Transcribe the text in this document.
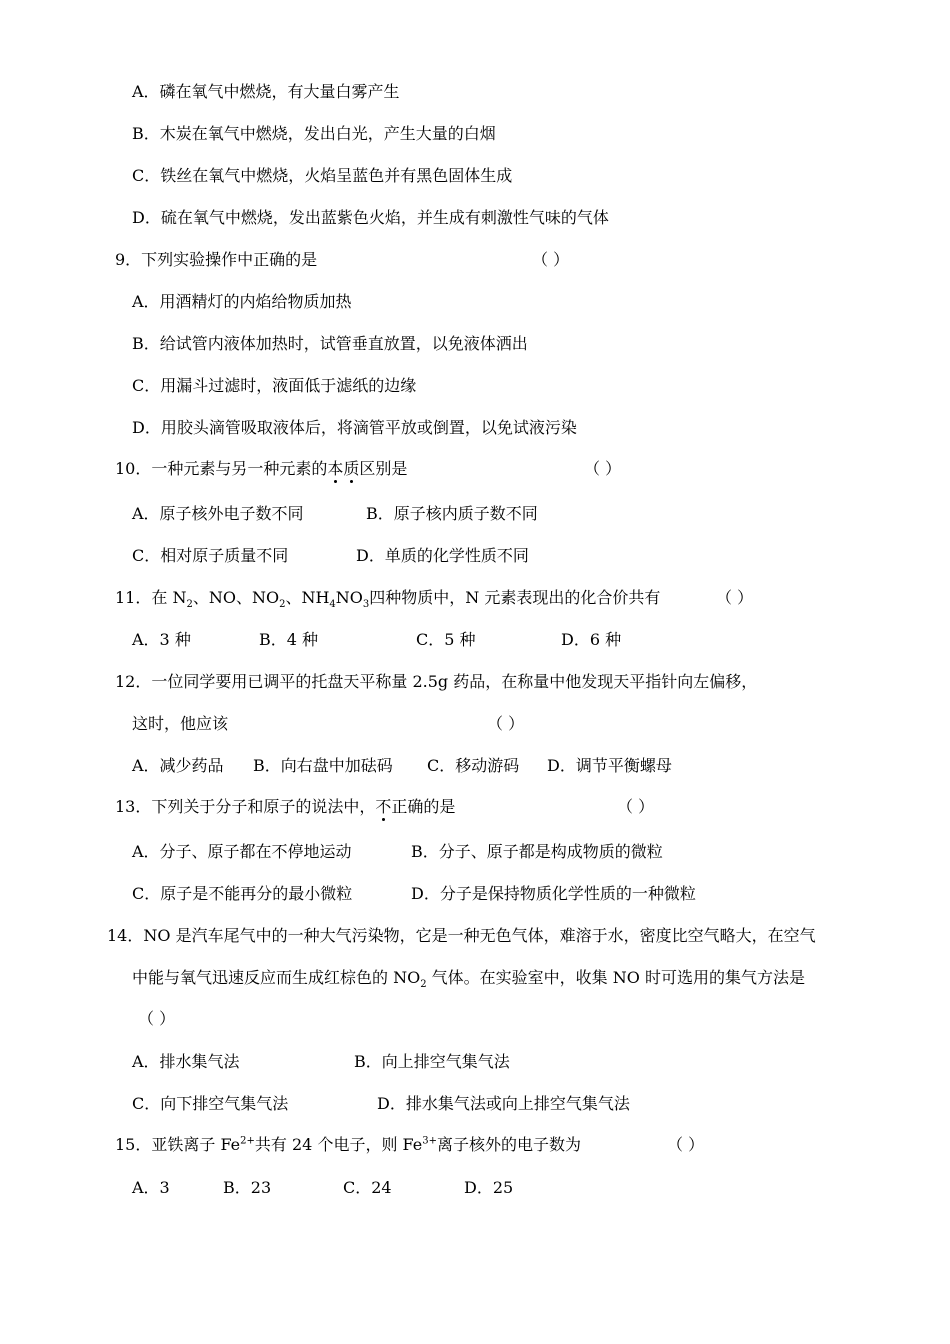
A．磷在氧气中燃烧，有大量白雾产生
B．木炭在氧气中燃烧，发出白光，产生大量的白烟
C．铁丝在氧气中燃烧，火焰呈蓝色并有黑色固体生成
D．硫在氧气中燃烧，发出蓝紫色火焰，并生成有刺激性气味的气体
9．下列实验操作中正确的是	（ ）
A．用酒精灯的内焰给物质加热
B．给试管内液体加热时，试管垂直放置，以免液体洒出
C．用漏斗过滤时，液面低于滤纸的边缘
D．用胶头滴管吸取液体后，将滴管平放或倒置，以免试液污染
10．一种元素与另一种元素的本质区别是	（ ）
A．原子核外电子数不同	B．原子核内质子数不同
C．相对原子质量不同	D．单质的化学性质不同
11．在 $N_2$、NO、$NO_2$、$NH_4NO_3$四种物质中，N 元素表现出的化合价共有	（ ）
A．3 种	B．4 种	C．5 种	D．6 种
12．一位同学要用已调平的托盘天平称量 2.5g 药品，在称量中他发现天平指针向左偏移，
这时，他应该	（ ）
A．减少药品 B．向右盘中加砝码 C．移动游码 D．调节平衡螺母
13．下列关于分子和原子的说法中，不正确的是	（ ）
A．分子、原子都在不停地运动	B．分子、原子都是构成物质的微粒
C．原子是不能再分的最小微粒	D．分子是保持物质化学性质的一种微粒
14．NO 是汽车尾气中的一种大气污染物，它是一种无色气体，难溶于水，密度比空气略大，在空气
中能与氧气迅速反应而生成红棕色的 $NO_2$ 气体。在实验室中，收集 NO 时可选用的集气方法是
（ ）
A．排水集气法	B．向上排空气集气法
C．向下排空气集气法	D．排水集气法或向上排空气集气法
15．亚铁离子 $Fe^{2+}$共有 24 个电子，则 $Fe^{3+}$离子核外的电子数为	（ ）
A．3	B．23	C．24	D．25
